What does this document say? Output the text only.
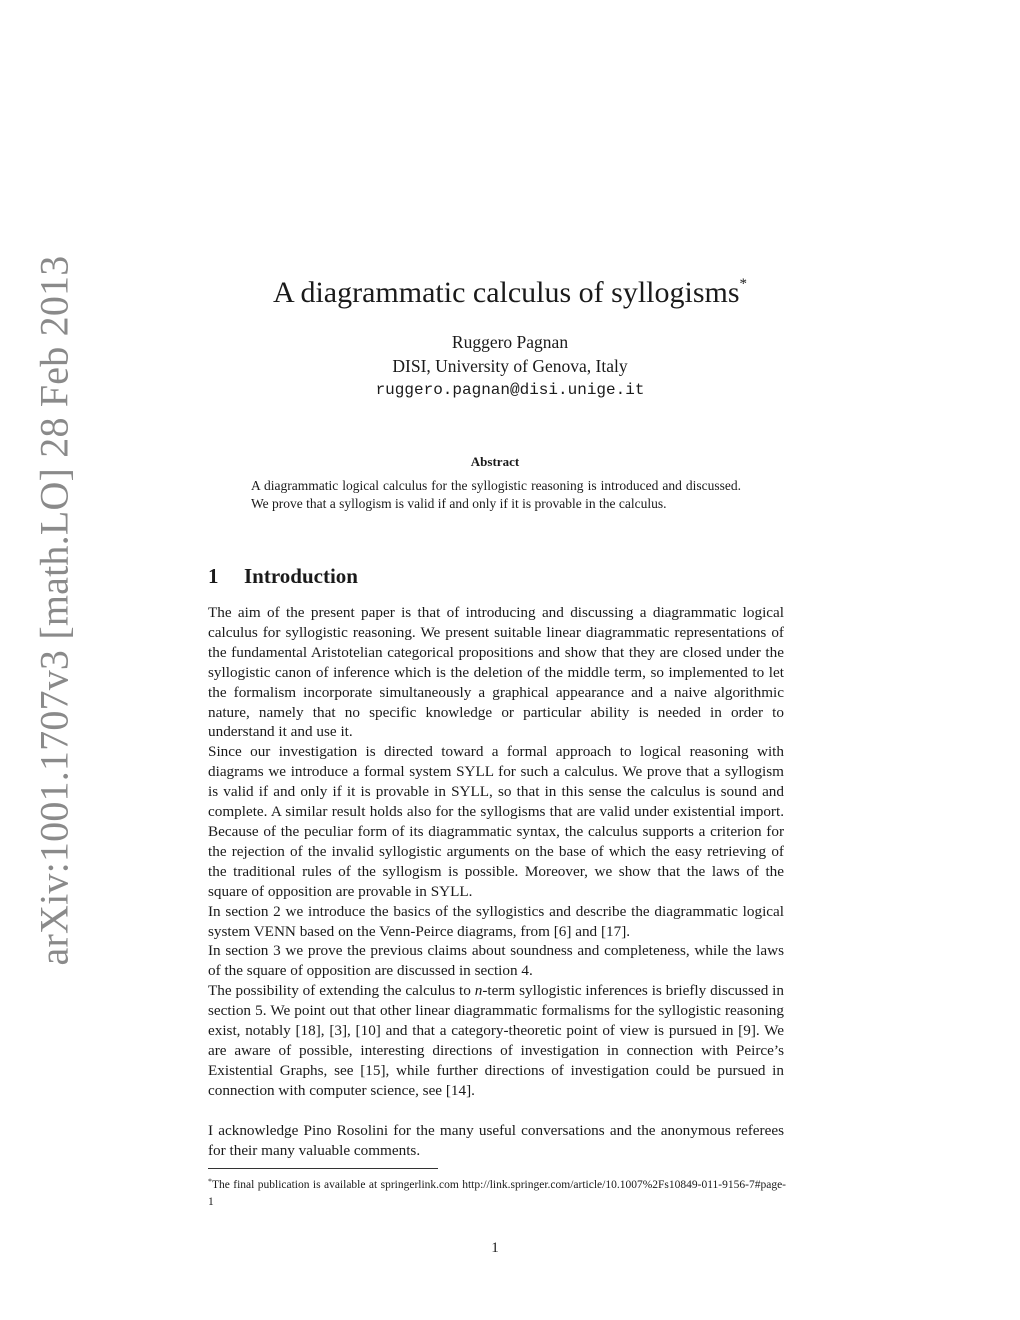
arXiv:1001.1707v3 [math.LO] 28 Feb 2013	A diagrammatic calculus of syllogisms*
Ruggero Pagnan
DISI, University of Genova, Italy
ruggero.pagnan@disi.unige.it
Abstract
A diagrammatic logical calculus for the syllogistic reasoning is introduced and discussed. We prove that a syllogism is valid if and only if it is provable in the calculus.
1 Introduction

The aim of the present paper is that of introducing and discussing a diagrammatic logical calculus for syllogistic reasoning. We present suitable linear diagrammatic representations of the fundamental Aristotelian categorical propositions and show that they are closed under the syllogistic canon of inference which is the deletion of the middle term, so implemented to let the formalism incorporate simultaneously a graphical appearance and a naive algorithmic nature, namely that no specific knowledge or particular ability is needed in order to understand it and use it.

Since our investigation is directed toward a formal approach to logical reasoning with diagrams we introduce a formal system SYLL for such a calculus. We prove that a syllogism is valid if and only if it is provable in SYLL, so that in this sense the calculus is sound and complete. A similar result holds also for the syllogisms that are valid under existential import. Because of the peculiar form of its diagrammatic syntax, the calculus supports a criterion for the rejection of the invalid syllogistic arguments on the base of which the easy retrieving of the traditional rules of the syllogism is possible. Moreover, we show that the laws of the square of opposition are provable in SYLL.

In section 2 we introduce the basics of the syllogistics and describe the diagrammatic logical system VENN based on the Venn-Peirce diagrams, from [6] and [17].

In section 3 we prove the previous claims about soundness and completeness, while the laws of the square of opposition are discussed in section 4.

The possibility of extending the calculus to n-term syllogistic inferences is briefly discussed in section 5. We point out that other linear diagrammatic formalisms for the syllogistic reasoning exist, notably [18], [3], [10] and that a category-theoretic point of view is pursued in [9]. We are aware of possible, interesting directions of investigation in connection with Peirce’s Existential Graphs, see [15], while further directions of investigation could be pursued in connection with computer science, see [14].

I acknowledge Pino Rosolini for the many useful conversations and the anonymous referees for their many valuable comments.

*The final publication is available at springerlink.com http://link.springer.com/article/10.1007%2Fs10849-011-9156-7#page-1
1
